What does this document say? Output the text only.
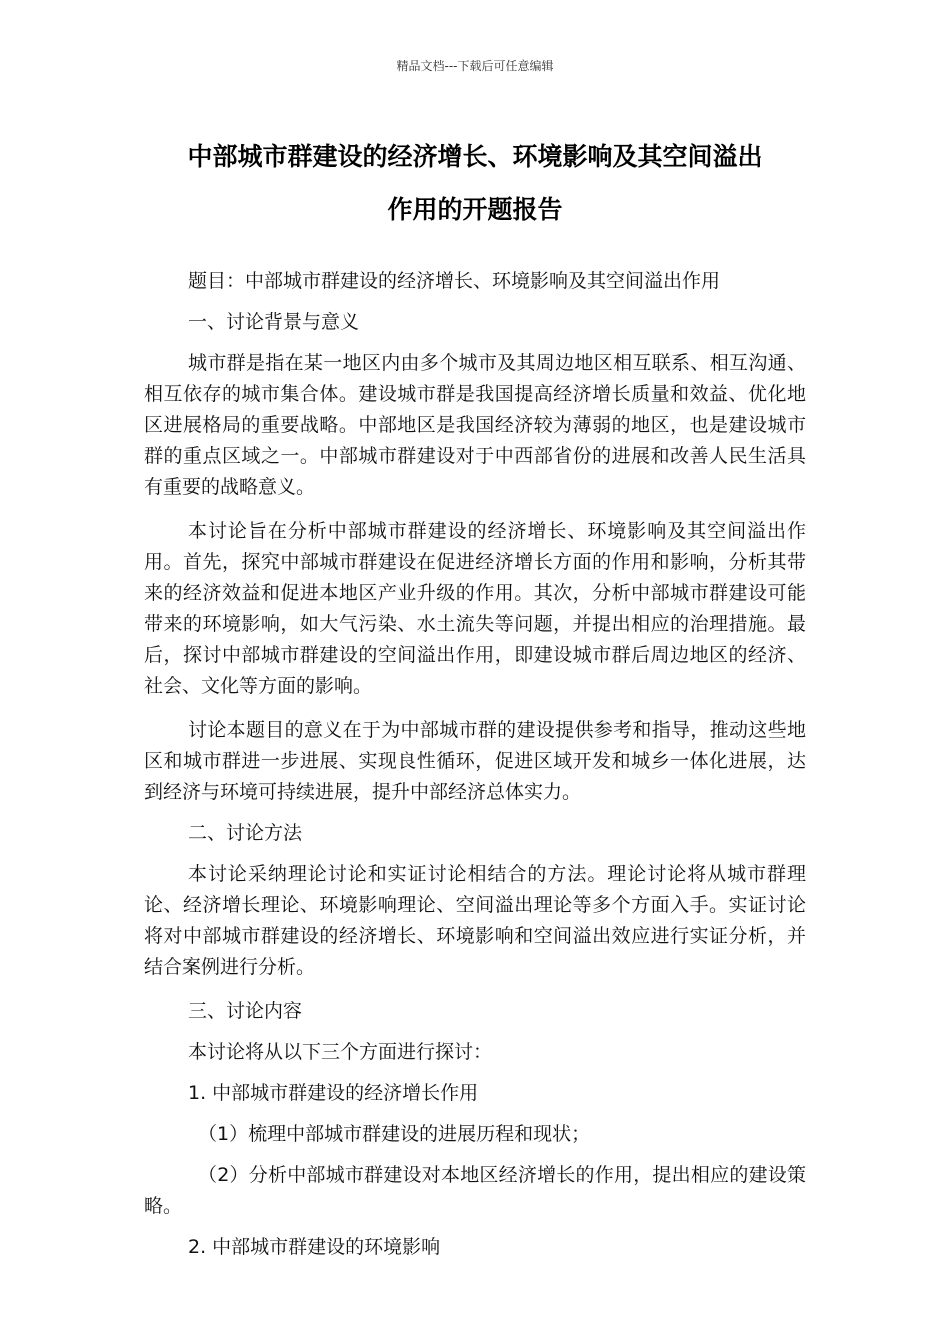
精品文档---下载后可任意编辑
中部城市群建设的经济增长、环境影响及其空间溢出
作用的开题报告

题目：中部城市群建设的经济增长、环境影响及其空间溢出作用

一、讨论背景与意义

城市群是指在某一地区内由多个城市及其周边地区相互联系、相互沟通、相互依存的城市集合体。建设城市群是我国提高经济增长质量和效益、优化地区进展格局的重要战略。中部地区是我国经济较为薄弱的地区，也是建设城市群的重点区域之一。中部城市群建设对于中西部省份的进展和改善人民生活具有重要的战略意义。

本讨论旨在分析中部城市群建设的经济增长、环境影响及其空间溢出作用。首先，探究中部城市群建设在促进经济增长方面的作用和影响，分析其带来的经济效益和促进本地区产业升级的作用。其次，分析中部城市群建设可能带来的环境影响，如大气污染、水土流失等问题，并提出相应的治理措施。最后，探讨中部城市群建设的空间溢出作用，即建设城市群后周边地区的经济、社会、文化等方面的影响。

讨论本题目的意义在于为中部城市群的建设提供参考和指导，推动这些地区和城市群进一步进展、实现良性循环，促进区域开发和城乡一体化进展，达到经济与环境可持续进展，提升中部经济总体实力。

二、讨论方法

本讨论采纳理论讨论和实证讨论相结合的方法。理论讨论将从城市群理论、经济增长理论、环境影响理论、空间溢出理论等多个方面入手。实证讨论将对中部城市群建设的经济增长、环境影响和空间溢出效应进行实证分析，并结合案例进行分析。

三、讨论内容

本讨论将从以下三个方面进行探讨：

1. 中部城市群建设的经济增长作用

（1）梳理中部城市群建设的进展历程和现状；

（2）分析中部城市群建设对本地区经济增长的作用，提出相应的建设策略。

2. 中部城市群建设的环境影响
